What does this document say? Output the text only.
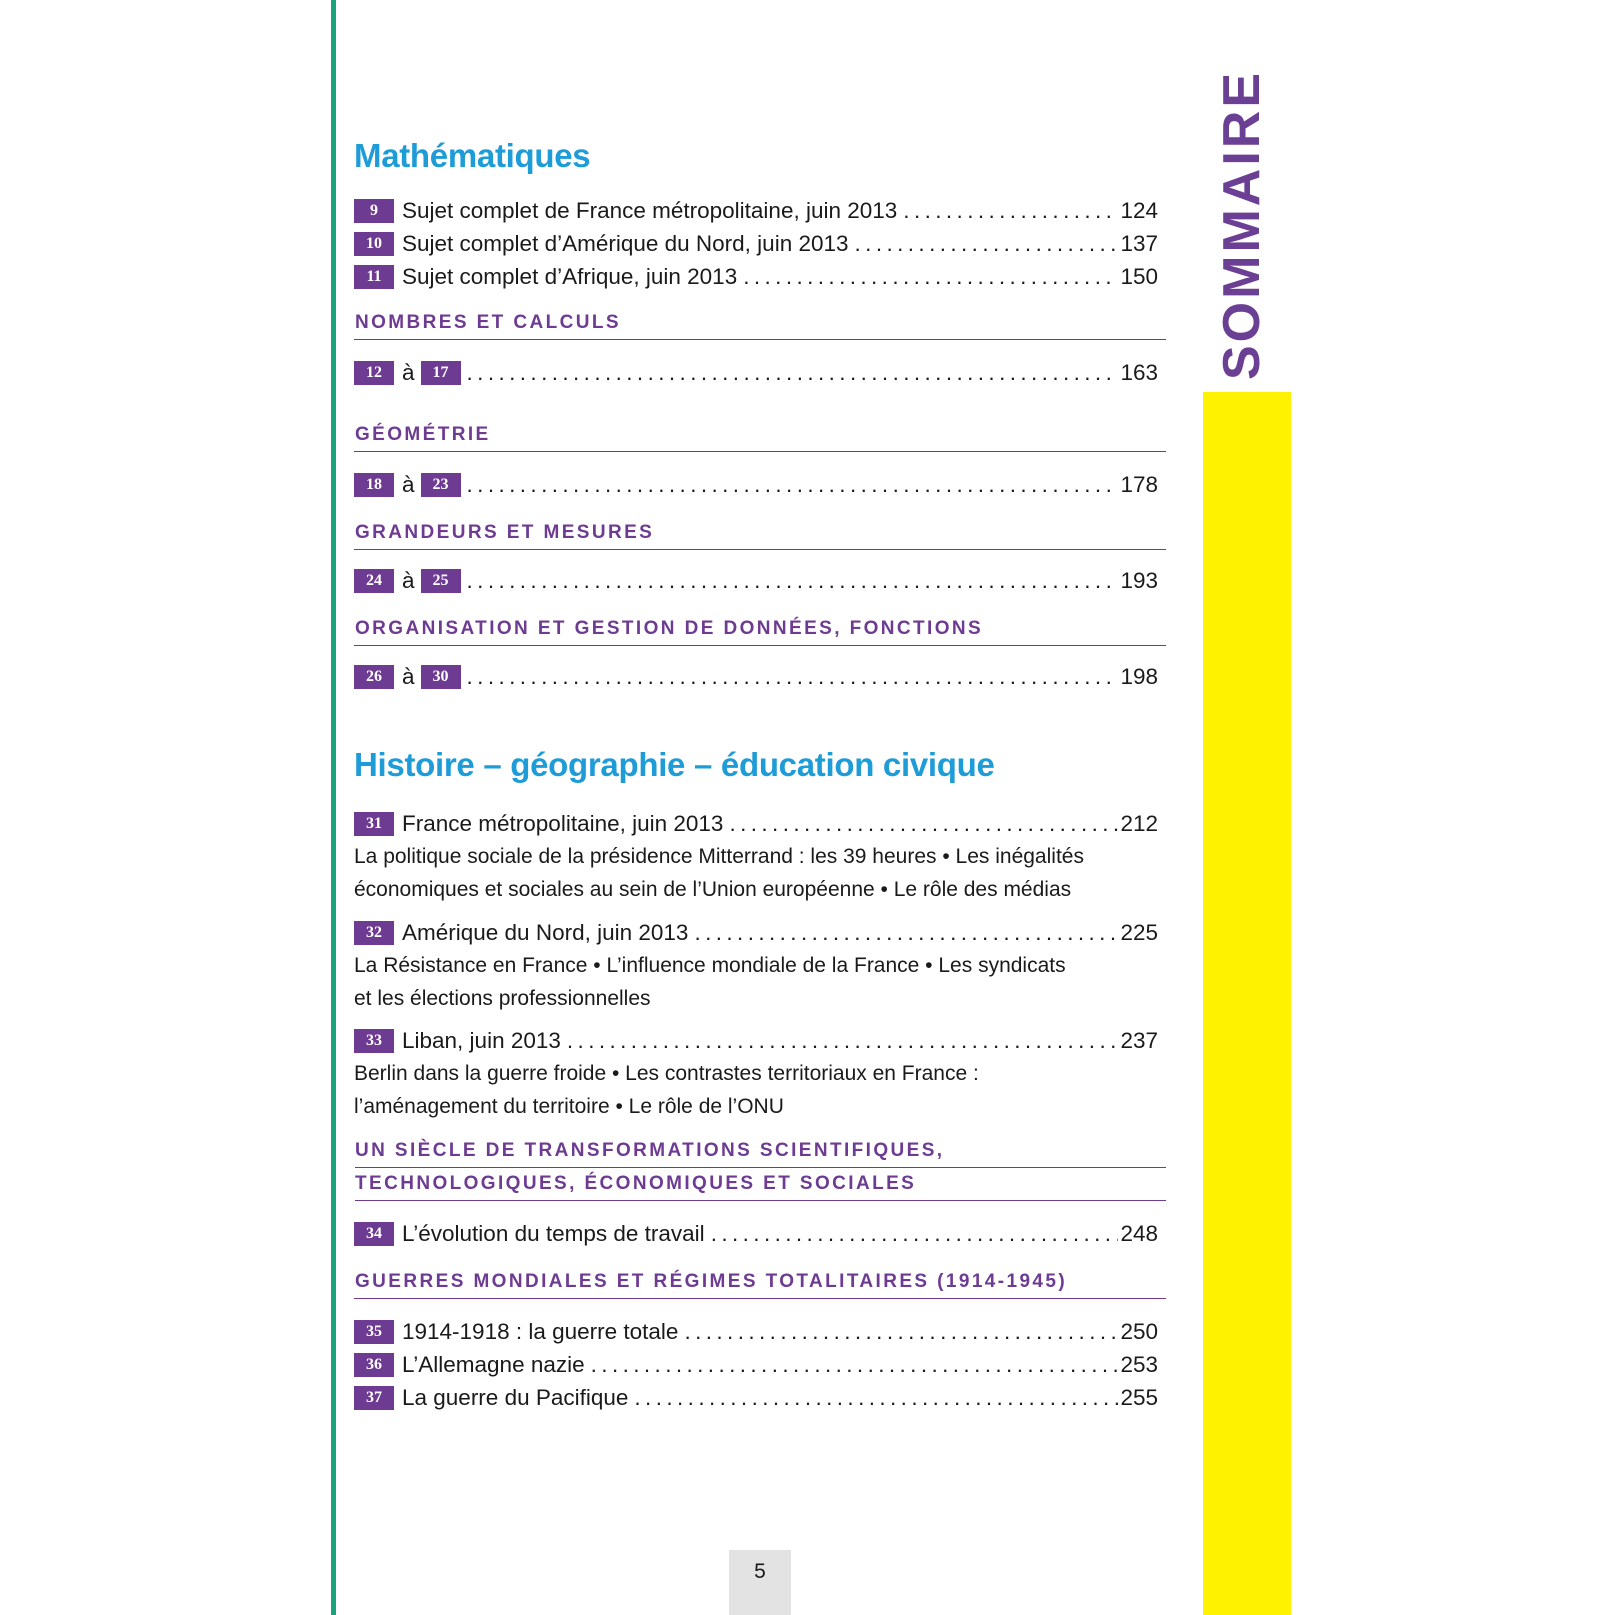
SOMMAIRE
Mathématiques
9	Sujet complet de France métropolitaine, juin 2013 .....	124
10 Sujet complet d’Amérique du Nord, juin 2013 .....	137
11 Sujet complet d’Afrique, juin 2013 .....	150
NOMBRES ET CALCULS
12 à	17 .....	163
GÉOMÉTRIE
18 à	23 .....	178
GRANDEURS ET MESURES
24 à	25 .....	193
ORGANISATION ET GESTION DE DONNÉES, FONCTIONS
26 à	30 .....	198
Histoire – géographie – éducation civique
31 France métropolitaine, juin 2013 .....	212
La politique sociale de la présidence Mitterrand : les 39 heures • Les inégalités
économiques et sociales au sein de l’Union européenne • Le rôle des médias
32 Amérique du Nord, juin 2013 .....	225
La Résistance en France • L’influence mondiale de la France • Les syndicats
et les élections professionnelles
33 Liban, juin 2013 .....	237
Berlin dans la guerre froide • Les contrastes territoriaux en France :
l’aménagement du territoire • Le rôle de l’ONU
UN SIÈCLE DE TRANSFORMATIONS SCIENTIFIQUES,
TECHNOLOGIQUES, ÉCONOMIQUES ET SOCIALES
34 L’évolution du temps de travail .....	248
GUERRES MONDIALES ET RÉGIMES TOTALITAIRES (1914-1945)
35 1914-1918 : la guerre totale .....	250
36 L’Allemagne nazie .....	253
37 La guerre du Pacifique .....	255
5
